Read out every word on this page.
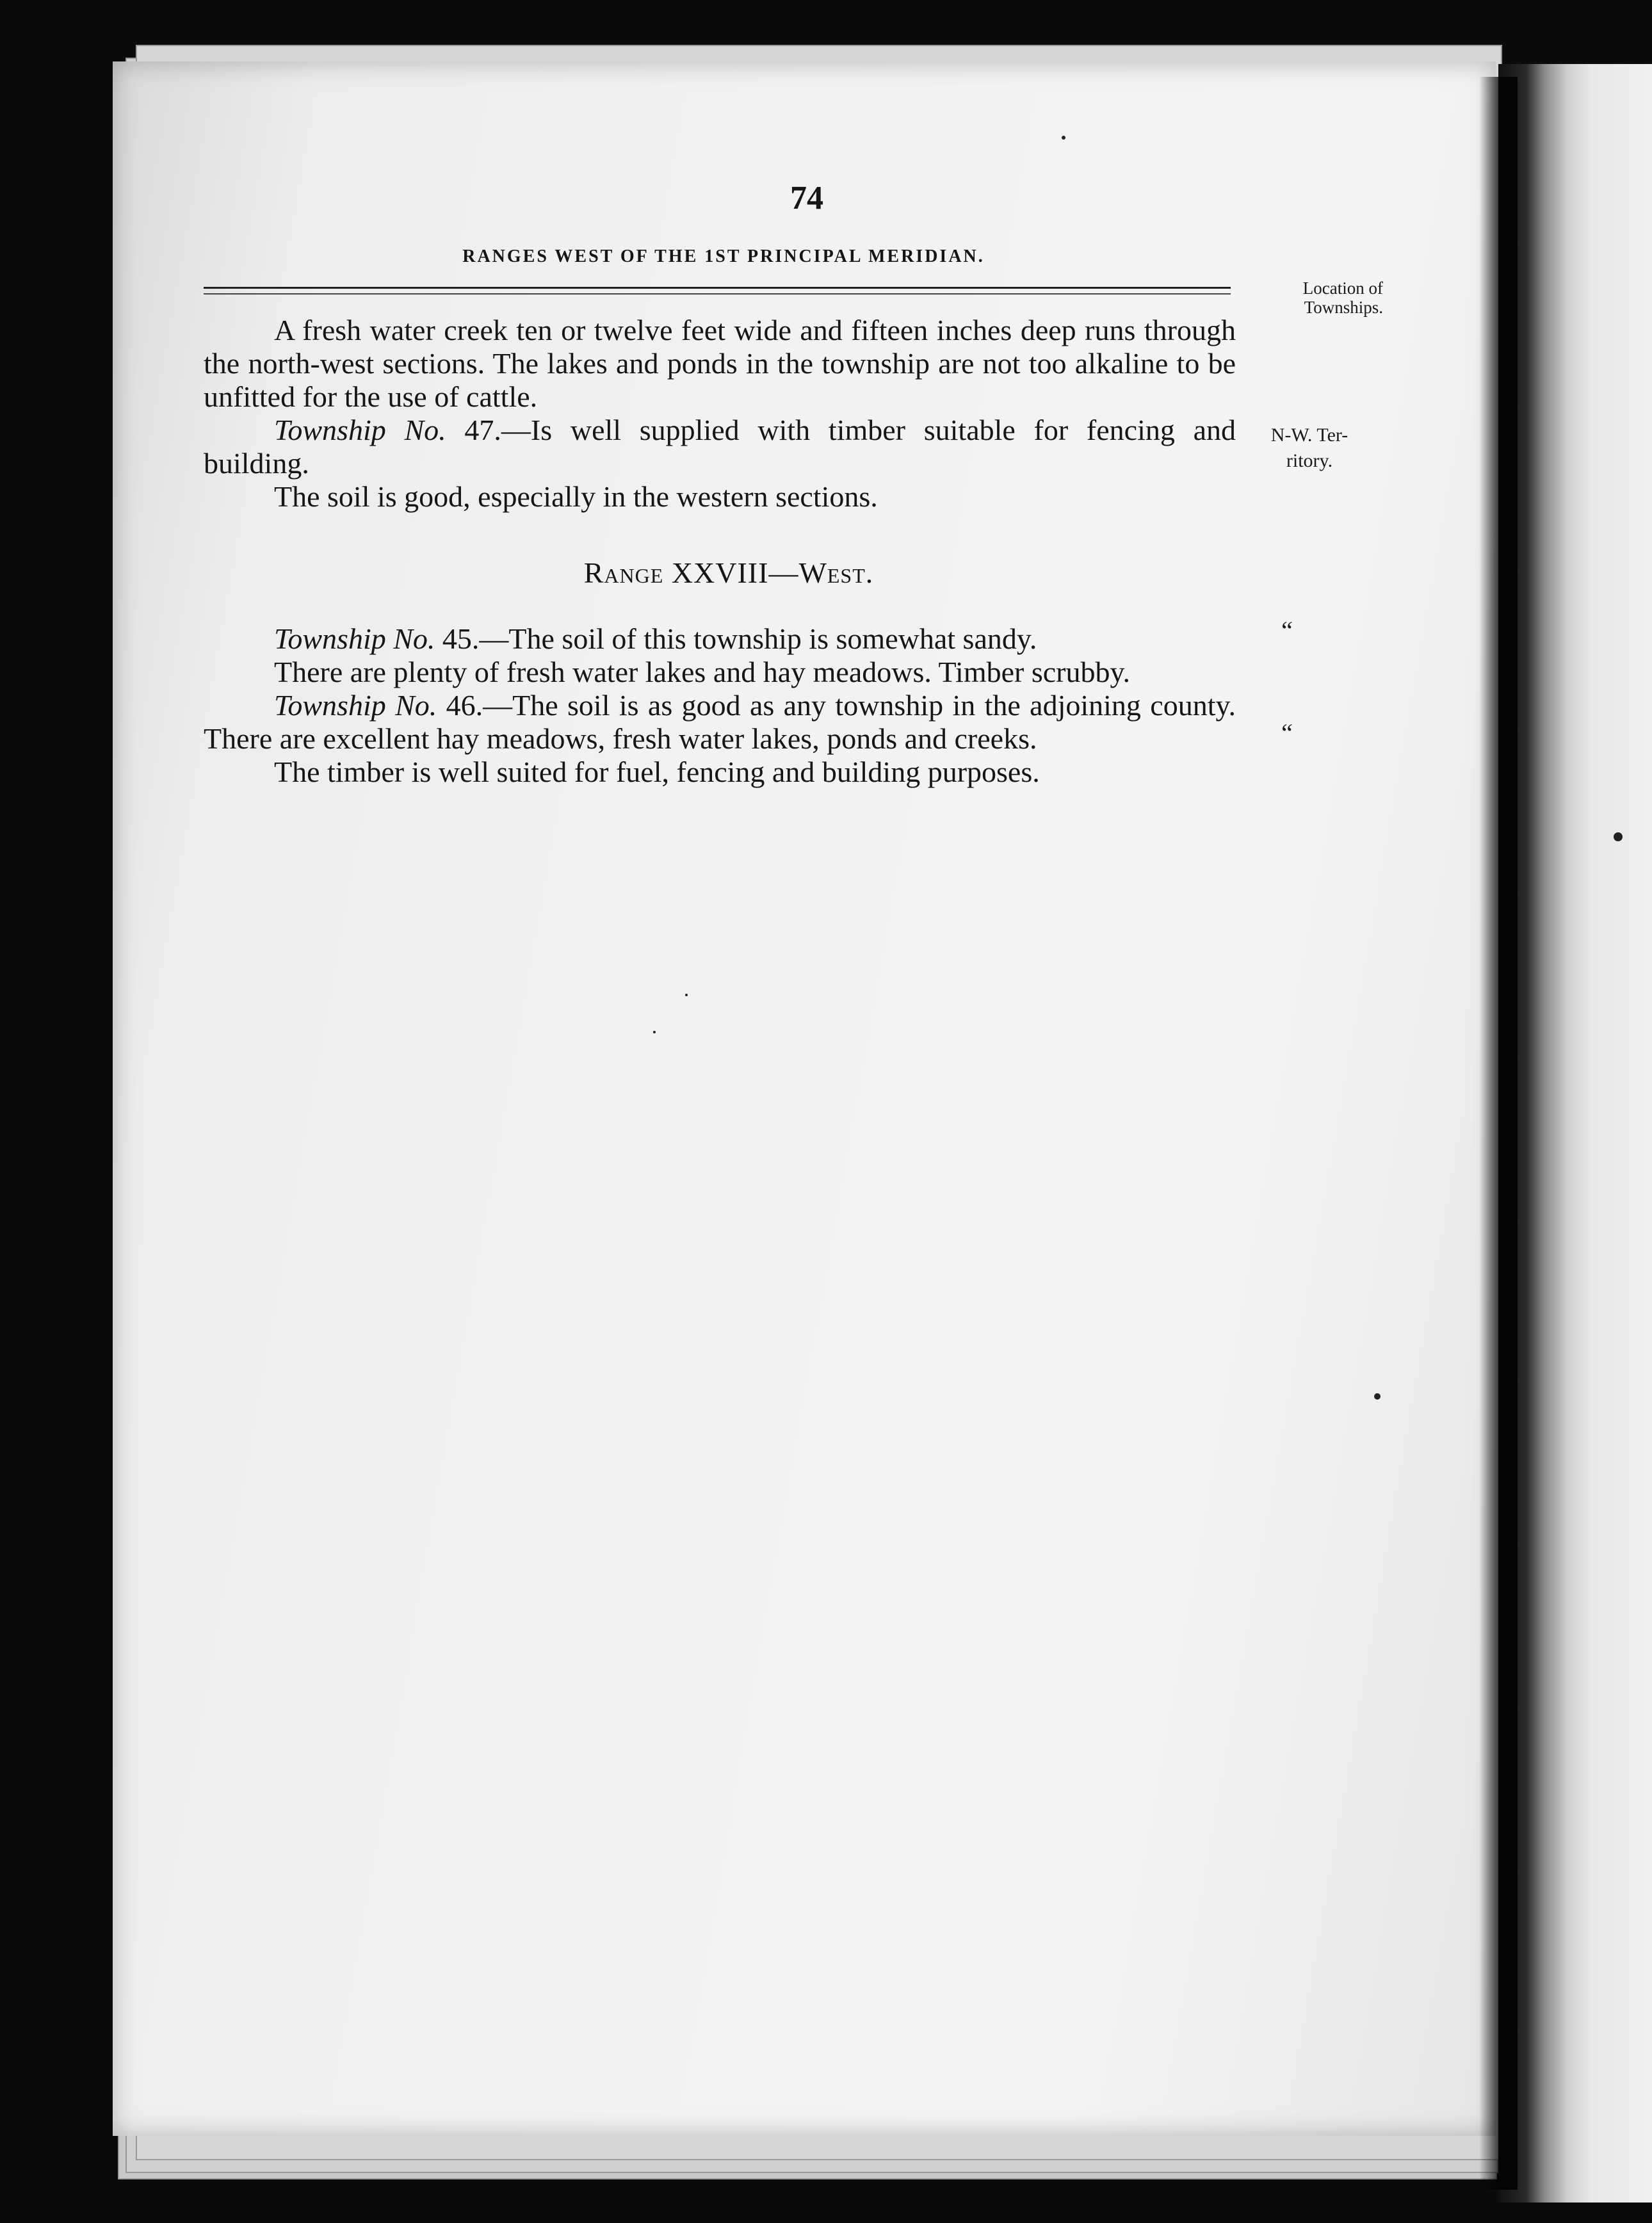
74
RANGES WEST OF THE 1ST PRINCIPAL MERIDIAN.
Location of
Townships.
N-W. Ter-
ritory.
“
“

A fresh water creek ten or twelve feet wide and fifteen inches deep runs through the north-west sections. The lakes and ponds in the township are not too alkaline to be unfitted for the use of cattle.

Township No. 47.—Is well supplied with timber suitable for fencing and building.

The soil is good, especially in the western sections.

Range XXVIII—West.

Township No. 45.—The soil of this township is somewhat sandy.

There are plenty of fresh water lakes and hay meadows. Timber scrubby.

Township No. 46.—The soil is as good as any township in the adjoining county. There are excellent hay meadows, fresh water lakes, ponds and creeks.

The timber is well suited for fuel, fencing and building purposes.
